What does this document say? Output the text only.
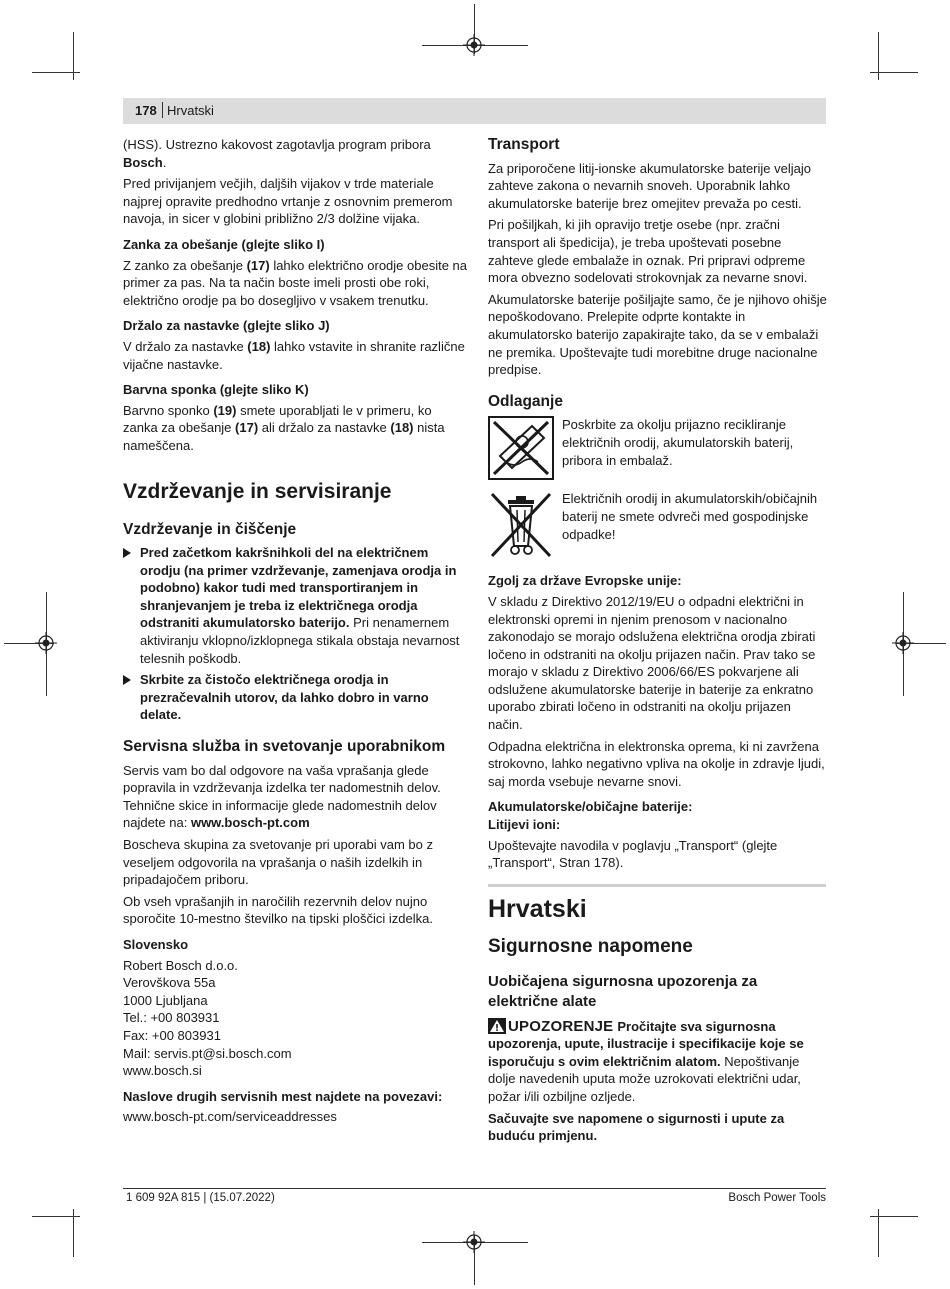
178 Hrvatski

(HSS). Ustrezno kakovost zagotavlja program pribora Bosch.

Pred privijanjem večjih, daljših vijakov v trde materiale najprej opravite predhodno vrtanje z osnovnim premerom navoja, in sicer v globini približno 2/3 dolžine vijaka.

Zanka za obešanje (glejte sliko I)

Z zanko za obešanje (17) lahko električno orodje obesite na primer za pas. Na ta način boste imeli prosti obe roki, električno orodje pa bo dosegljivo v vsakem trenutku.

Držalo za nastavke (glejte sliko J)

V držalo za nastavke (18) lahko vstavite in shranite različne vijačne nastavke.

Barvna sponka (glejte sliko K)

Barvno sponko (19) smete uporabljati le v primeru, ko zanka za obešanje (17) ali držalo za nastavke (18) nista nameščena.

Vzdrževanje in servisiranje
Vzdrževanje in čiščenje
Pred začetkom kakršnihkoli del na električnem orodju (na primer vzdrževanje, zamenjava orodja in podobno) kakor tudi med transportiranjem in shranjevanjem je treba iz električnega orodja odstraniti akumulatorsko baterijo. Pri nenamernem aktiviranju vklopno/izklopnega stikala obstaja nevarnost telesnih poškodb.
Skrbite za čistočo električnega orodja in prezračevalnih utorov, da lahko dobro in varno delate.
Servisna služba in svetovanje uporabnikom

Servis vam bo dal odgovore na vaša vprašanja glede popravila in vzdrževanja izdelka ter nadomestnih delov. Tehnične skice in informacije glede nadomestnih delov najdete na: www.bosch-pt.com

Boscheva skupina za svetovanje pri uporabi vam bo z veseljem odgovorila na vprašanja o naših izdelkih in pripadajočem priboru.

Ob vseh vprašanjih in naročilih rezervnih delov nujno sporočite 10-mestno številko na tipski ploščici izdelka.

Slovensko
Robert Bosch d.o.o.
Verovškova 55a
1000 Ljubljana
Tel.: +00 803931
Fax: +00 803931
Mail: servis.pt@si.bosch.com
www.bosch.si
Naslove drugih servisnih mest najdete na povezavi:

www.bosch-pt.com/serviceaddresses

Transport

Za priporočene litij-ionske akumulatorske baterije veljajo zahteve zakona o nevarnih snoveh. Uporabnik lahko akumulatorske baterije brez omejitev prevaža po cesti.

Pri pošiljkah, ki jih opravijo tretje osebe (npr. zračni transport ali špedicija), je treba upoštevati posebne zahteve glede embalaže in oznak. Pri pripravi odpreme mora obvezno sodelovati strokovnjak za nevarne snovi.

Akumulatorske baterije pošiljajte samo, če je njihovo ohišje nepoškodovano. Prelepite odprte kontakte in akumulatorsko baterijo zapakirajte tako, da se v embalaži ne premika. Upoštevajte tudi morebitne druge nacionalne predpise.

Odlaganje
Poskrbite za okolju prijazno recikliranje električnih orodij, akumulatorskih baterij, pribora in embalaž.
Električnih orodij in akumulatorskih/običajnih baterij ne smete odvreči med gospodinjske odpadke!
Zgolj za države Evropske unije:

V skladu z Direktivo 2012/19/EU o odpadni električni in elektronski opremi in njenim prenosom v nacionalno zakonodajo se morajo odslužena električna orodja zbirati ločeno in odstraniti na okolju prijazen način. Prav tako se morajo v skladu z Direktivo 2006/66/ES pokvarjene ali odslužene akumulatorske baterije in baterije za enkratno uporabo zbirati ločeno in odstraniti na okolju prijazen način.

Odpadna električna in elektronska oprema, ki ni zavržena strokovno, lahko negativno vpliva na okolje in zdravje ljudi, saj morda vsebuje nevarne snovi.

Akumulatorske/običajne baterije:
Litijevi ioni:

Upoštevajte navodila v poglavju „Transport“ (glejte „Transport“, Stran 178).

Hrvatski
Sigurnosne napomene
Uobičajena sigurnosna upozorenja za električne alate

UPOZORENJE Pročitajte sva sigurnosna upozorenja, upute, ilustracije i specifikacije koje se isporučuju s ovim električnim alatom. Nepoštivanje dolje navedenih uputa može uzrokovati električni udar, požar i/ili ozbiljne ozljede.

Sačuvajte sve napomene o sigurnosti i upute za buduću primjenu.

1 609 92A 815 | (15.07.2022)	Bosch Power Tools
